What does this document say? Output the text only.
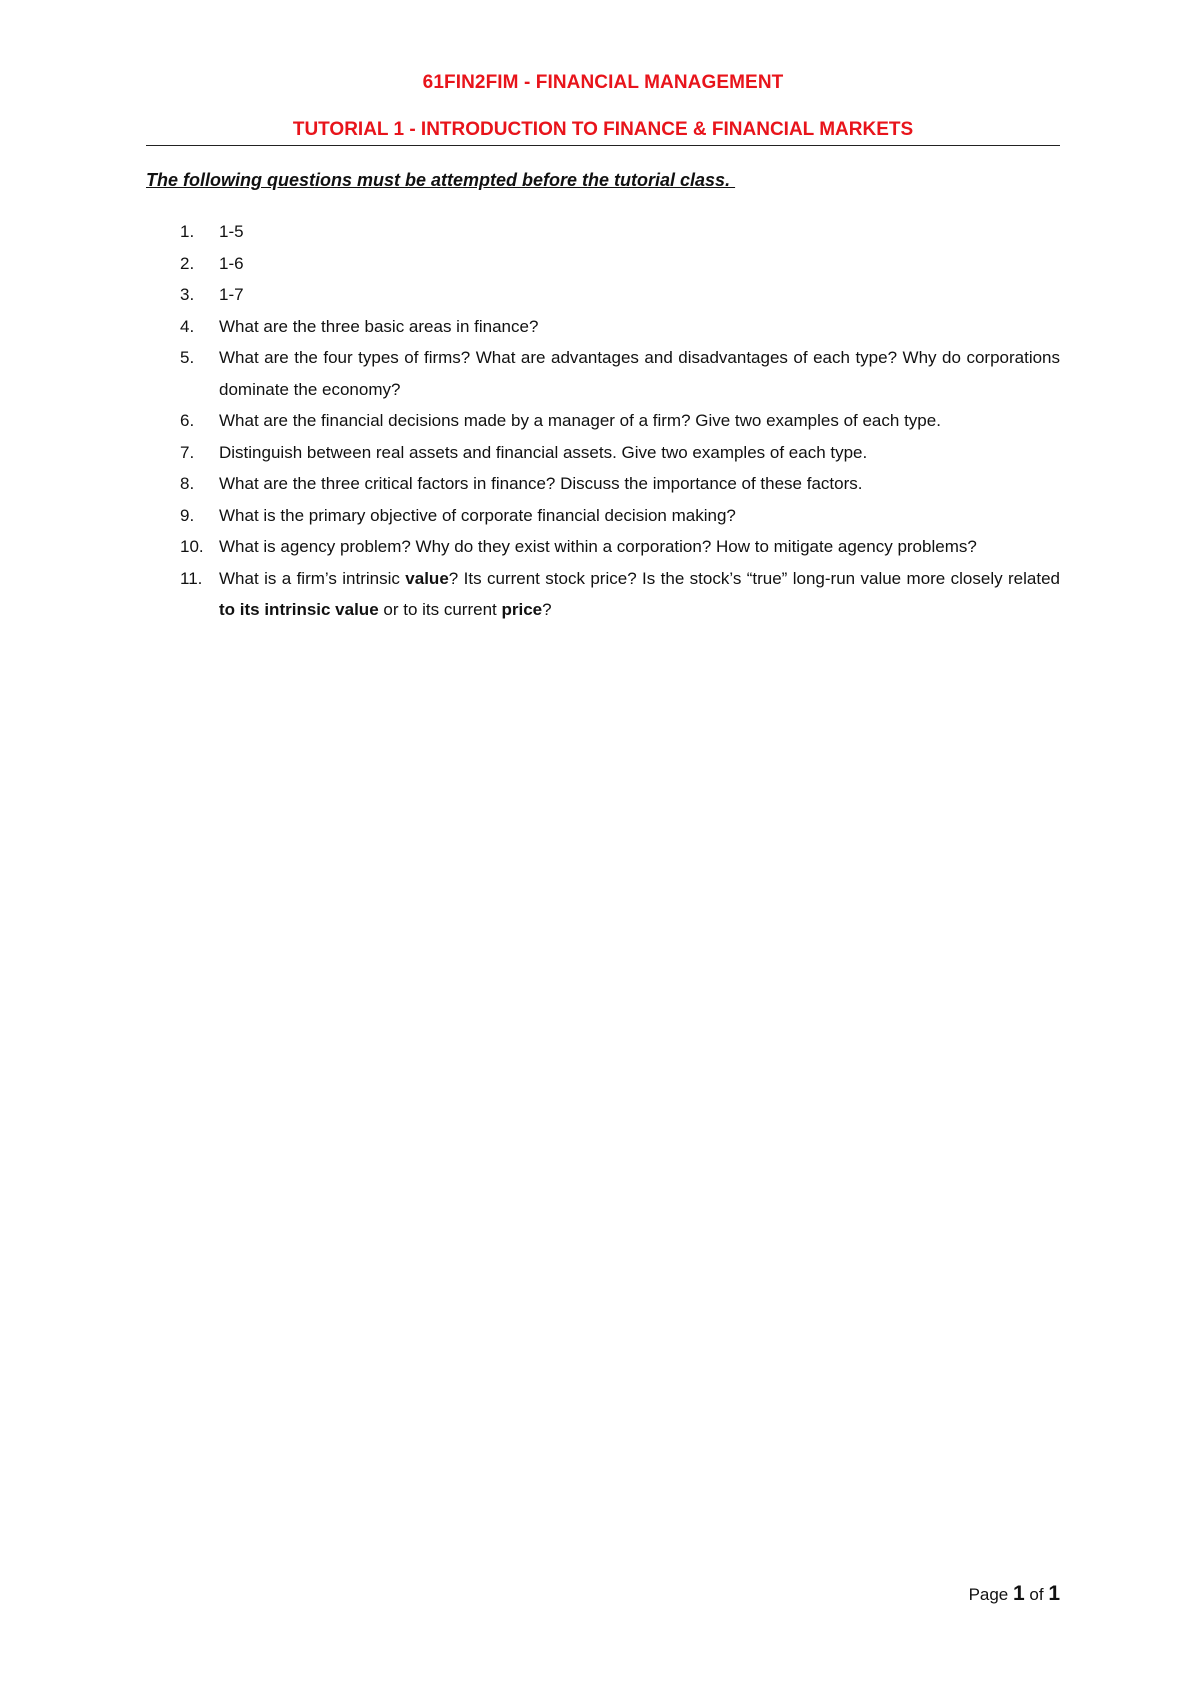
61FIN2FIM - FINANCIAL MANAGEMENT
TUTORIAL 1 - INTRODUCTION TO FINANCE & FINANCIAL MARKETS
The following questions must be attempted before the tutorial class.
1. 1-5
2. 1-6
3. 1-7
4. What are the three basic areas in finance?
5. What are the four types of firms? What are advantages and disadvantages of each type? Why do corporations dominate the economy?
6. What are the financial decisions made by a manager of a firm? Give two examples of each type.
7. Distinguish between real assets and financial assets. Give two examples of each type.
8. What are the three critical factors in finance? Discuss the importance of these factors.
9. What is the primary objective of corporate financial decision making?
10. What is agency problem? Why do they exist within a corporation? How to mitigate agency problems?
11. What is a firm’s intrinsic value? Its current stock price? Is the stock’s “true” long-run value more closely related to its intrinsic value or to its current price?
Page 1 of 1
